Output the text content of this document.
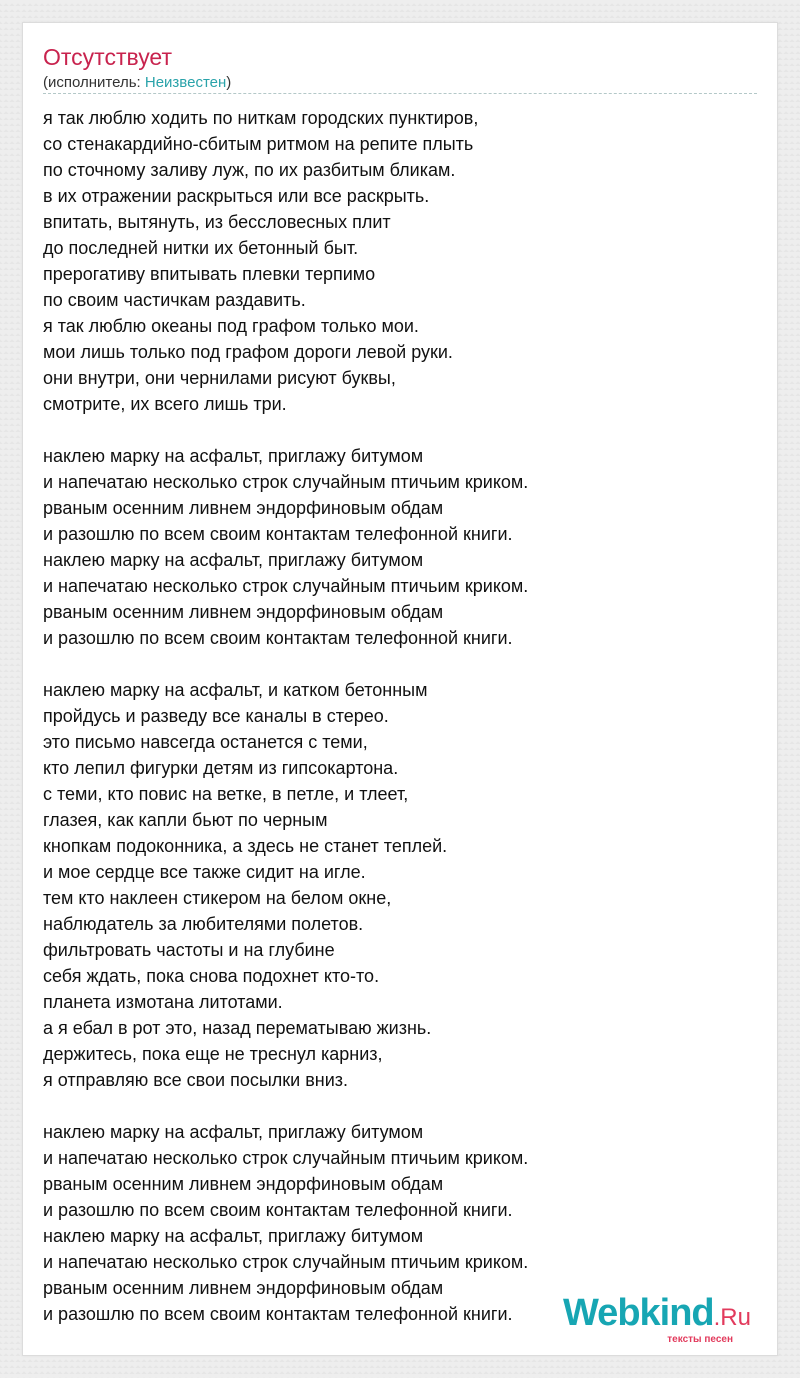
Отсутствует
(исполнитель: Неизвестен)
я так люблю ходить по ниткам городских пунктиров,
со стенакардийно-сбитым ритмом на репите плыть
по сточному заливу луж, по их разбитым бликам.
в их отражении раскрыться или все раскрыть.
впитать, вытянуть, из бессловесных плит
до последней нитки их бетонный быт.
прерогативу впитывать плевки терпимо
по своим частичкам раздавить.
я так люблю океаны под графом только мои.
мои лишь только под графом дороги левой руки.
они внутри, они чернилами рисуют буквы,
смотрите, их всего лишь три.
наклею марку на асфальт, приглажу битумом
и напечатаю несколько строк случайным птичьим криком.
рваным осенним ливнем эндорфиновым обдам
и разошлю по всем своим контактам телефонной книги.
наклею марку на асфальт, приглажу битумом
и напечатаю несколько строк случайным птичьим криком.
рваным осенним ливнем эндорфиновым обдам
и разошлю по всем своим контактам телефонной книги.
наклею марку на асфальт, и катком бетонным
пройдусь и разведу все каналы в стерео.
это письмо навсегда останется с теми,
кто лепил фигурки детям из гипсокартона.
с теми, кто повис на ветке, в петле, и тлеет,
глазея, как капли бьют по черным
кнопкам подоконника, а здесь не станет теплей.
и мое сердце все также сидит на игле.
тем кто наклеен стикером на белом окне,
наблюдатель за любителями полетов.
фильтровать частоты и на глубине
себя ждать, пока снова подохнет кто-то.
планета измотана литотами.
а я ебал в рот это, назад перематываю жизнь.
держитесь, пока еще не треснул карниз,
я отправляю все свои посылки вниз.
наклею марку на асфальт, приглажу битумом
и напечатаю несколько строк случайным птичьим криком.
рваным осенним ливнем эндорфиновым обдам
и разошлю по всем своим контактам телефонной книги.
наклею марку на асфальт, приглажу битумом
и напечатаю несколько строк случайным птичьим криком.
рваным осенним ливнем эндорфиновым обдам
и разошлю по всем своим контактам телефонной книги.	Webkind.Ru
тексты песен
